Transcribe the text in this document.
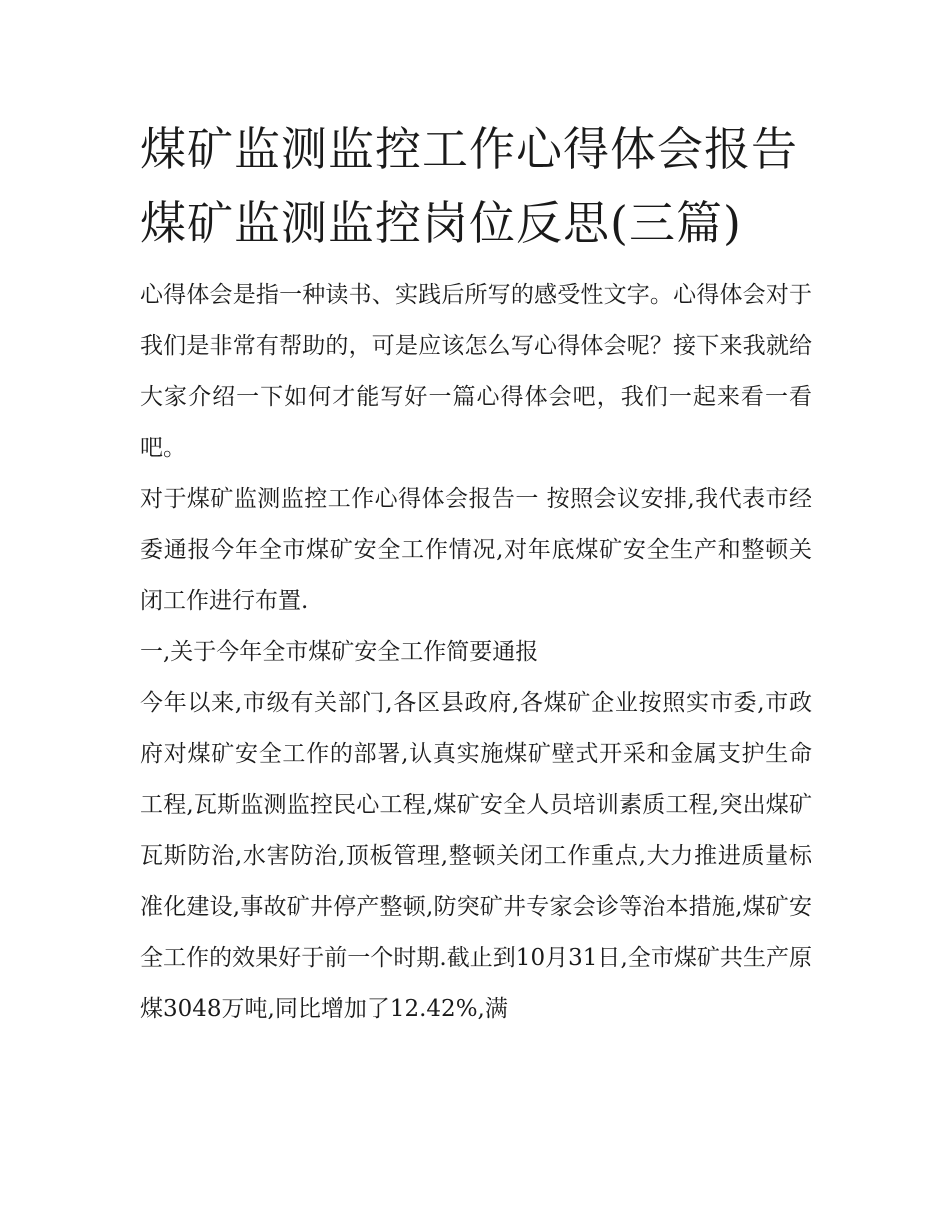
煤矿监测监控工作心得体会报告 煤矿监测监控岗位反思(三篇)

心得体会是指一种读书、实践后所写的感受性文字。心得体会对于我们是非常有帮助的，可是应该怎么写心得体会呢？接下来我就给大家介绍一下如何才能写好一篇心得体会吧，我们一起来看一看吧。

对于煤矿监测监控工作心得体会报告一 按照会议安排,我代表市经委通报今年全市煤矿安全工作情况,对年底煤矿安全生产和整顿关闭工作进行布置.

一,关于今年全市煤矿安全工作简要通报

今年以来,市级有关部门,各区县政府,各煤矿企业按照实市委,市政府对煤矿安全工作的部署,认真实施煤矿壁式开采和金属支护生命工程,瓦斯监测监控民心工程,煤矿安全人员培训素质工程,突出煤矿瓦斯防治,水害防治,顶板管理,整顿关闭工作重点,大力推进质量标准化建设,事故矿井停产整顿,防突矿井专家会诊等治本措施,煤矿安全工作的效果好于前一个时期.截止到10月31日,全市煤矿共生产原煤3048万吨,同比增加了12.42%,满
